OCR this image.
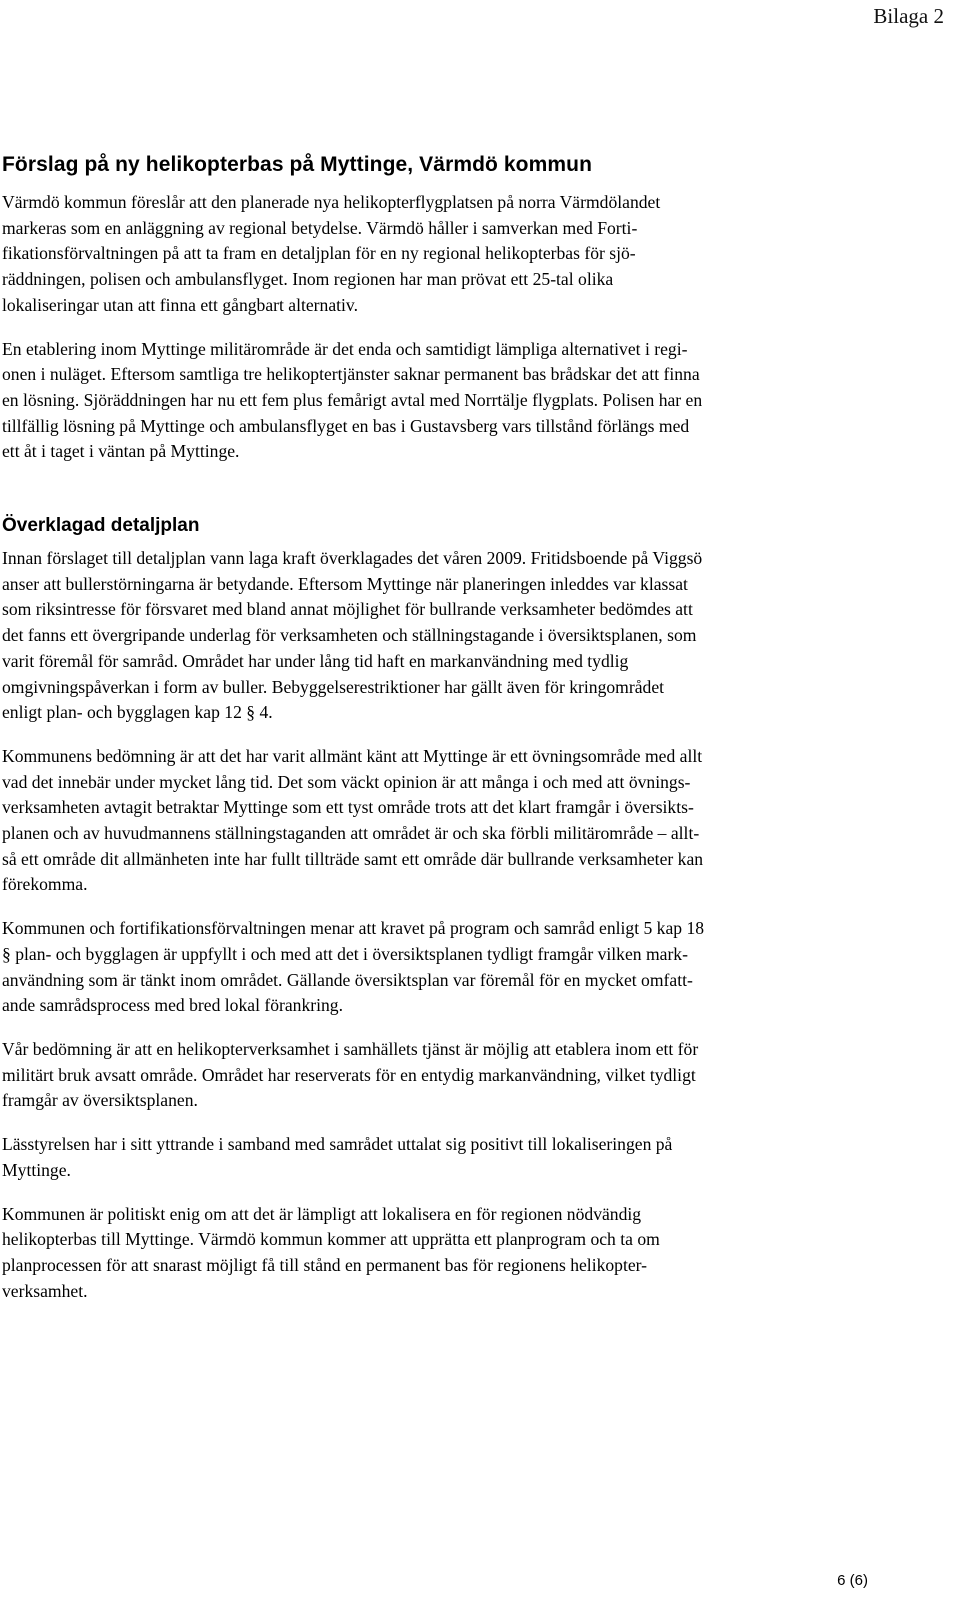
Bilaga 2
Förslag på ny helikopterbas på Myttinge, Värmdö kommun

Värmdö kommun föreslår att den planerade nya helikopterflygplatsen på norra Värmdölandet

markeras som en anläggning av regional betydelse. Värmdö håller i samverkan med Forti-

fikationsförvaltningen på att ta fram en detaljplan för en ny regional helikopterbas för sjö-

räddningen, polisen och ambulansflyget. Inom regionen har man prövat ett 25-tal olika

lokaliseringar utan att finna ett gångbart alternativ.

En etablering inom Myttinge militärområde är det enda och samtidigt lämpliga alternativet i regi-

onen i nuläget. Eftersom samtliga tre helikoptertjänster saknar permanent bas brådskar det att finna

en lösning. Sjöräddningen har nu ett fem plus femårigt avtal med Norrtälje flygplats. Polisen har en

tillfällig lösning på Myttinge och ambulansflyget en bas i Gustavsberg vars tillstånd förlängs med

ett åt i taget i väntan på Myttinge.

Överklagad detaljplan

Innan förslaget till detaljplan vann laga kraft överklagades det våren 2009. Fritidsboende på Viggsö

anser att bullerstörningarna är betydande. Eftersom Myttinge när planeringen inleddes var klassat

som riksintresse för försvaret med bland annat möjlighet för bullrande verksamheter bedömdes att

det fanns ett övergripande underlag för verksamheten och ställningstagande i översiktsplanen, som

varit föremål för samråd. Området har under lång tid haft en markanvändning med tydlig

omgivningspåverkan i form av buller. Bebyggelserestriktioner har gällt även för kringområdet

enligt plan- och bygglagen kap 12 § 4.

Kommunens bedömning är att det har varit allmänt känt att Myttinge är ett övningsområde med allt

vad det innebär under mycket lång tid. Det som väckt opinion är att många i och med att övnings-

verksamheten avtagit betraktar Myttinge som ett tyst område trots att det klart framgår i översikts-

planen och av huvudmannens ställningstaganden att området är och ska förbli militärområde – allt-

så ett område dit allmänheten inte har fullt tillträde samt ett område där bullrande verksamheter kan

förekomma.

Kommunen och fortifikationsförvaltningen menar att kravet på program och samråd enligt 5 kap 18

§ plan- och bygglagen är uppfyllt i och med att det i översiktsplanen tydligt framgår vilken mark-

användning som är tänkt inom området. Gällande översiktsplan var föremål för en mycket omfatt-

ande samrådsprocess med bred lokal förankring.

Vår bedömning är att en helikopterverksamhet i samhällets tjänst är möjlig att etablera inom ett för

militärt bruk avsatt område. Området har reserverats för en entydig markanvändning, vilket tydligt

framgår av översiktsplanen.

Lässtyrelsen har i sitt yttrande i samband med samrådet uttalat sig positivt till lokaliseringen på

Myttinge.

Kommunen är politiskt enig om att det är lämpligt att lokalisera en för regionen nödvändig

helikopterbas till Myttinge. Värmdö kommun kommer att upprätta ett planprogram och ta om

planprocessen för att snarast möjligt få till stånd en permanent bas för regionens helikopter-

verksamhet.

6 (6)
